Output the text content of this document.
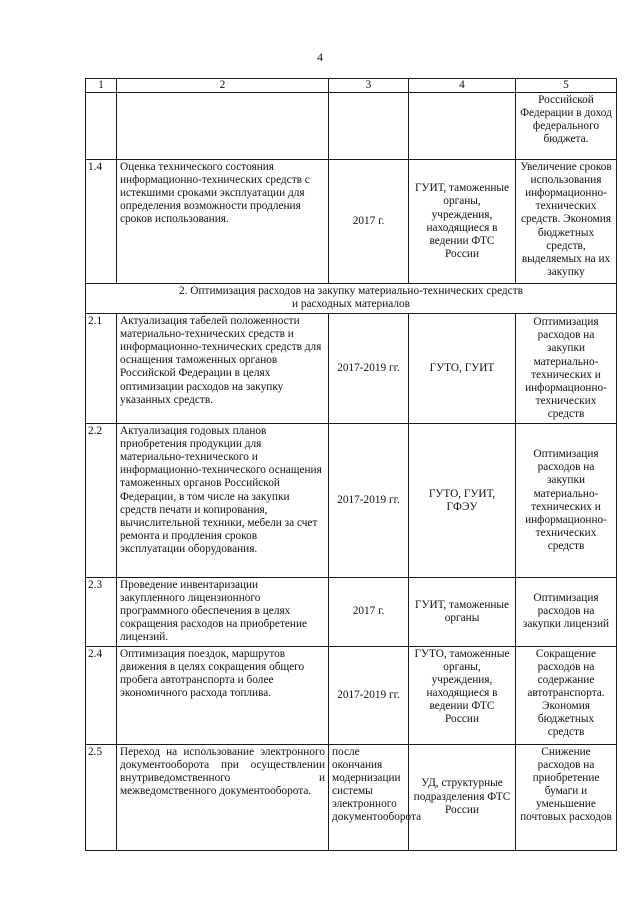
4
1	2	3	4	5
				Российской Федерации в доход федерального бюджета.
1.4	Оценка технического состояния информационно-технических средств с истекшими сроками эксплуатации для определения возможности продления сроков использования.	2017 г.	ГУИТ, таможенные органы, учреждения, находящиеся в ведении ФТС России	Увеличение сроков использования информационно-технических средств. Экономия бюджетных средств, выделяемых на их закупку

2. Оптимизация расходов на закупку материально-технических средств
и расходных материалов				

2.1	Актуализация табелей положенности материально-технических средств и информационно-технических средств для оснащения таможенных органов Российской Федерации в целях оптимизации расходов на закупку указанных средств.	2017-2019 гг.	ГУТО, ГУИТ	Оптимизация расходов на закупки материально-технических и информационно-технических средств
2.2	Актуализация годовых планов приобретения продукции для материально-технического и информационно-технического оснащения таможенных органов Российской Федерации, в том числе на закупки средств печати и копирования, вычислительной техники, мебели за счет ремонта и продления сроков эксплуатации оборудования.	2017-2019 гг.	ГУТО, ГУИТ, ГФЭУ	Оптимизация расходов на закупки материально-технических и информационно-технических средств
2.3	Проведение инвентаризации закупленного лицензионного программного обеспечения в целях сокращения расходов на приобретение лицензий.	2017 г.	ГУИТ, таможенные органы	Оптимизация расходов на закупки лицензий
2.4	Оптимизация поездок, маршрутов движения в целях сокращения общего пробега автотранспорта и более экономичного расхода топлива.	2017-2019 гг.	ГУТО, таможенные органы, учреждения, находящиеся в ведении ФТС России	Сокращение расходов на содержание автотранспорта. Экономия бюджетных средств
2.5	Переход на использование электронного документооборота при осуществлении внутриведомственного и межведомственного документооборота.	после окончания модернизации системы электронного документооборота	УД, структурные подразделения ФТС России	Снижение расходов на приобретение бумаги и уменьшение почтовых расходов
